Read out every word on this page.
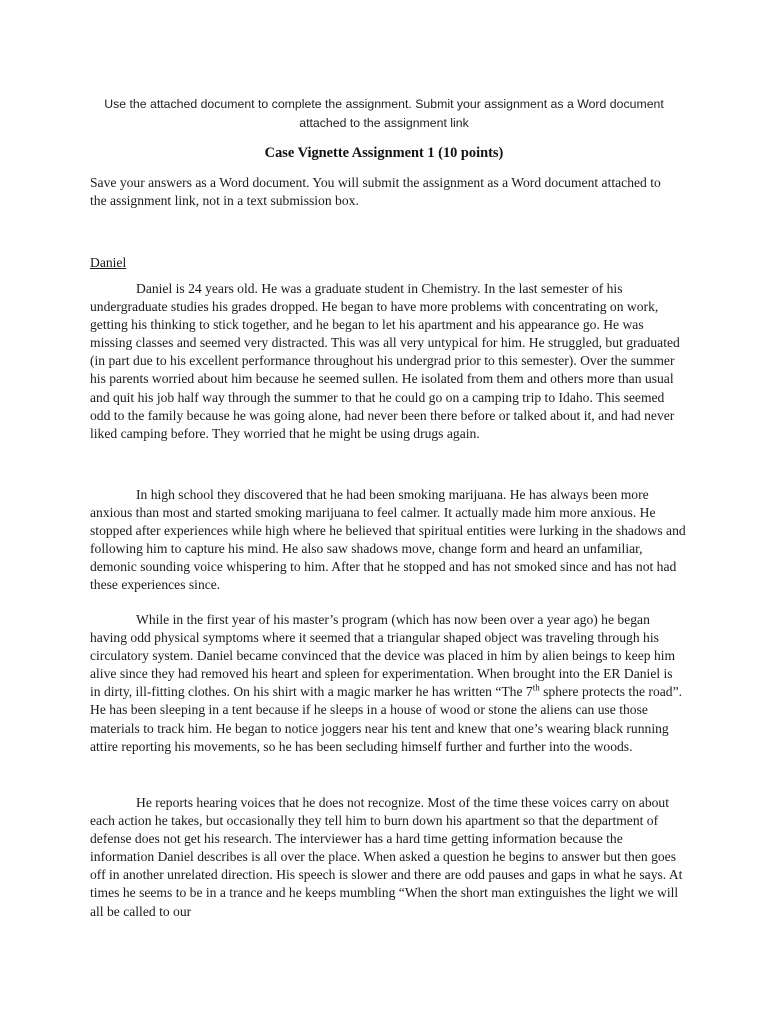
Use the attached document to complete the assignment. Submit your assignment as a Word document
attached to the assignment link
Case Vignette Assignment 1 (10 points)
Save your answers as a Word document. You will submit the assignment as a Word document attached to the assignment link, not in a text submission box.
Daniel

Daniel is 24 years old. He was a graduate student in Chemistry. In the last semester of his undergraduate studies his grades dropped. He began to have more problems with concentrating on work, getting his thinking to stick together, and he began to let his apartment and his appearance go. He was missing classes and seemed very distracted. This was all very untypical for him. He struggled, but graduated (in part due to his excellent performance throughout his undergrad prior to this semester). Over the summer his parents worried about him because he seemed sullen. He isolated from them and others more than usual and quit his job half way through the summer to that he could go on a camping trip to Idaho. This seemed odd to the family because he was going alone, had never been there before or talked about it, and had never liked camping before. They worried that he might be using drugs again.

In high school they discovered that he had been smoking marijuana. He has always been more anxious than most and started smoking marijuana to feel calmer. It actually made him more anxious. He stopped after experiences while high where he believed that spiritual entities were lurking in the shadows and following him to capture his mind. He also saw shadows move, change form and heard an unfamiliar, demonic sounding voice whispering to him. After that he stopped and has not smoked since and has not had these experiences since.

While in the first year of his master’s program (which has now been over a year ago) he began having odd physical symptoms where it seemed that a triangular shaped object was traveling through his circulatory system. Daniel became convinced that the device was placed in him by alien beings to keep him alive since they had removed his heart and spleen for experimentation. When brought into the ER Daniel is in dirty, ill-fitting clothes. On his shirt with a magic marker he has written “The 7th sphere protects the road”. He has been sleeping in a tent because if he sleeps in a house of wood or stone the aliens can use those materials to track him. He began to notice joggers near his tent and knew that one’s wearing black running attire reporting his movements, so he has been secluding himself further and further into the woods.

He reports hearing voices that he does not recognize. Most of the time these voices carry on about each action he takes, but occasionally they tell him to burn down his apartment so that the department of defense does not get his research. The interviewer has a hard time getting information because the information Daniel describes is all over the place. When asked a question he begins to answer but then goes off in another unrelated direction. His speech is slower and there are odd pauses and gaps in what he says. At times he seems to be in a trance and he keeps mumbling “When the short man extinguishes the light we will all be called to our
